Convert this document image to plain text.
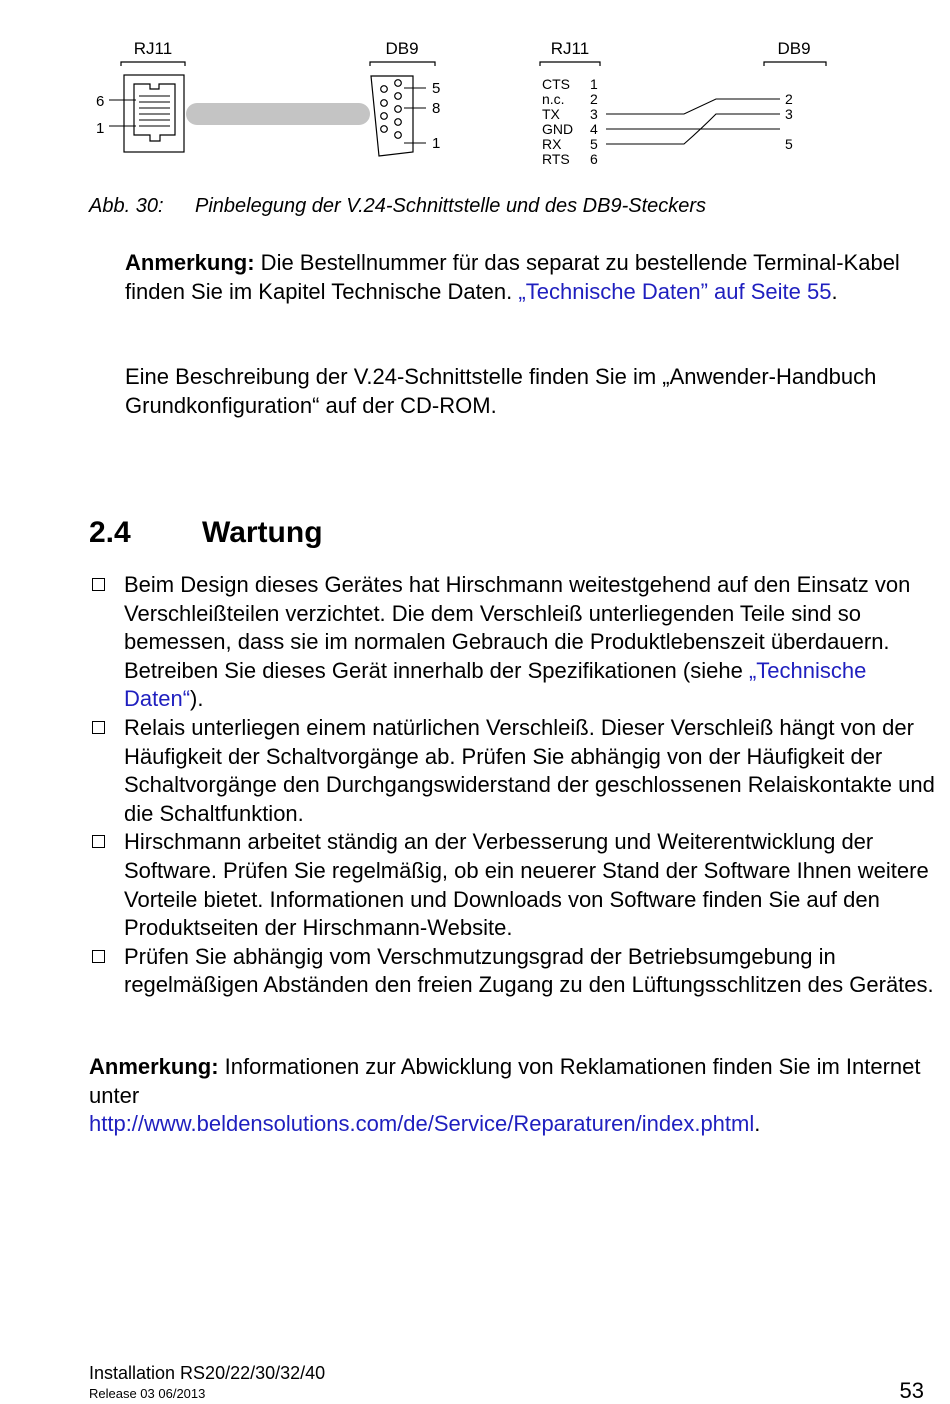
RJ11
6
1
DB9
5
8
1
RJ11
CTS 1
n.c. 2
TX 3
GND 4
RX 5
RTS 6
DB9
2
3
5
Abb. 30: Pinbelegung der V.24-Schnittstelle und des DB9-Steckers
Anmerkung: Die Bestellnummer für das separat zu bestellende Terminal-Kabel finden Sie im Kapitel Technische Daten. „Technische Daten” auf Seite 55.
Eine Beschreibung der V.24-Schnittstelle finden Sie im „Anwender-Handbuch Grundkonfiguration“ auf der CD-ROM.
2.4 Wartung

Beim Design dieses Gerätes hat Hirschmann weitestgehend auf den Einsatz von Verschleißteilen verzichtet. Die dem Verschleiß unterliegenden Teile sind so bemessen, dass sie im normalen Gebrauch die Produktlebenszeit überdauern. Betreiben Sie dieses Gerät innerhalb der Spezifikationen (siehe „Technische Daten“).

Relais unterliegen einem natürlichen Verschleiß. Dieser Verschleiß hängt von der Häufigkeit der Schaltvorgänge ab. Prüfen Sie abhängig von der Häufigkeit der Schaltvorgänge den Durchgangswiderstand der geschlossenen Relaiskontakte und die Schaltfunktion.

Hirschmann arbeitet ständig an der Verbesserung und Weiterentwicklung der Software. Prüfen Sie regelmäßig, ob ein neuerer Stand der Software Ihnen weitere Vorteile bietet. Informationen und Downloads von Software finden Sie auf den Produktseiten der Hirschmann-Website.

Prüfen Sie abhängig vom Verschmutzungsgrad der Betriebsumgebung in regelmäßigen Abständen den freien Zugang zu den Lüftungsschlitzen des Gerätes.

Anmerkung: Informationen zur Abwicklung von Reklamationen finden Sie im Internet unter
http://www.beldensolutions.com/de/Service/Reparaturen/index.phtml.
Installation RS20/22/30/32/40
Release 03 06/2013	53
